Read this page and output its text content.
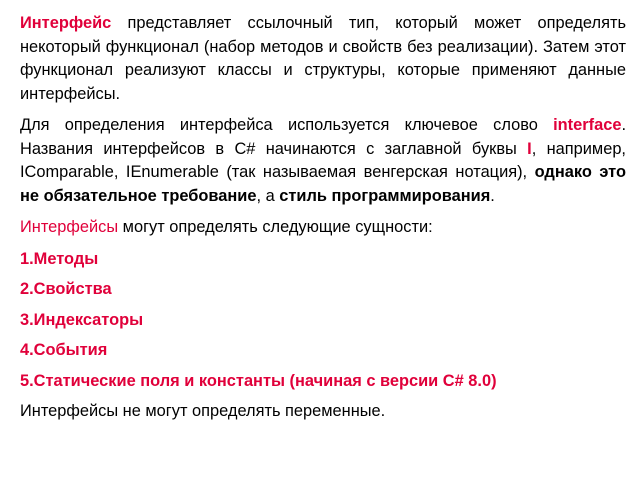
Интерфейс представляет ссылочный тип, который может определять некоторый функционал (набор методов и свойств без реализации). Затем этот функционал реализуют классы и структуры, которые применяют данные интерфейсы.

Для определения интерфейса используется ключевое слово interface. Названия интерфейсов в C# начинаются с заглавной буквы I, например, IComparable, IEnumerable (так называемая венгерская нотация), однако это не обязательное требование, а стиль программирования.

Интерфейсы могут определять следующие сущности:

1.Методы

2.Свойства

3.Индексаторы

4.События

5.Статические поля и константы (начиная с версии C# 8.0)

Интерфейсы не могут определять переменные.
